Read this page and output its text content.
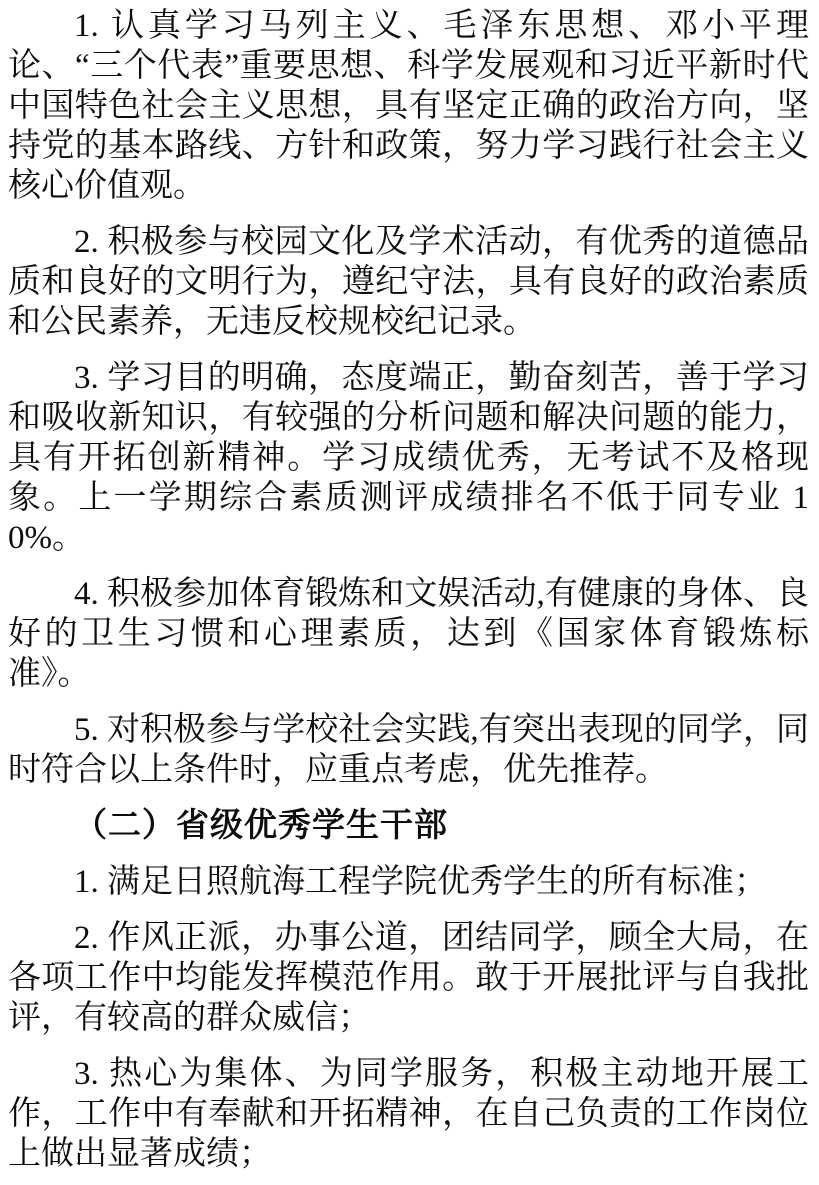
1. 认真学习马列主义、毛泽东思想、邓小平理论、“三个代表”重要思想、科学发展观和习近平新时代中国特色社会主义思想，具有坚定正确的政治方向，坚持党的基本路线、方针和政策，努力学习践行社会主义核心价值观。

2. 积极参与校园文化及学术活动，有优秀的道德品质和良好的文明行为，遵纪守法，具有良好的政治素质和公民素养，无违反校规校纪记录。

3. 学习目的明确，态度端正，勤奋刻苦，善于学习和吸收新知识，有较强的分析问题和解决问题的能力，具有开拓创新精神。学习成绩优秀，无考试不及格现象。上一学期综合素质测评成绩排名不低于同专业 10%。

4. 积极参加体育锻炼和文娱活动,有健康的身体、良好的卫生习惯和心理素质，达到《国家体育锻炼标准》。

5. 对积极参与学校社会实践,有突出表现的同学，同时符合以上条件时，应重点考虑，优先推荐。

（二）省级优秀学生干部

1. 满足日照航海工程学院优秀学生的所有标准；

2. 作风正派，办事公道，团结同学，顾全大局，在各项工作中均能发挥模范作用。敢于开展批评与自我批评，有较高的群众威信；

3. 热心为集体、为同学服务，积极主动地开展工作，工作中有奉献和开拓精神，在自己负责的工作岗位上做出显著成绩；
